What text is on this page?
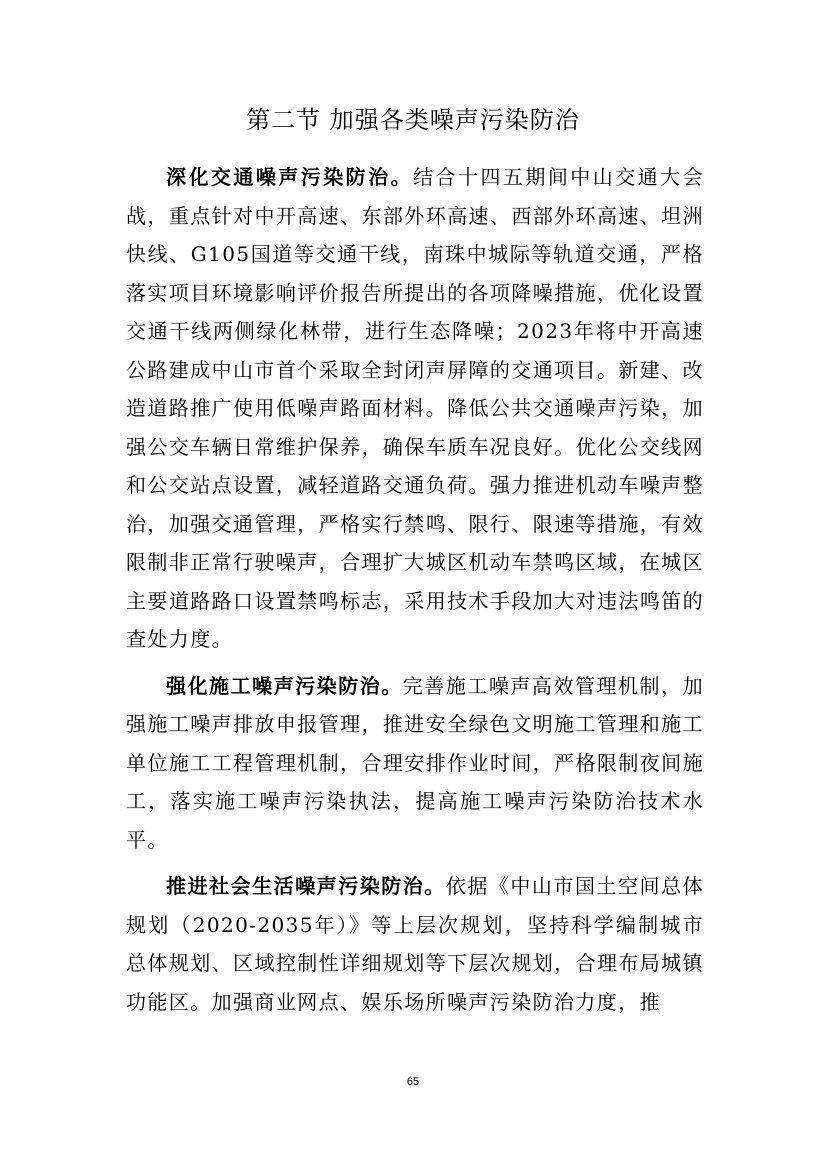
第二节 加强各类噪声污染防治

深化交通噪声污染防治。结合十四五期间中山交通大会战，重点针对中开高速、东部外环高速、西部外环高速、坦洲快线、G105国道等交通干线，南珠中城际等轨道交通，严格落实项目环境影响评价报告所提出的各项降噪措施，优化设置交通干线两侧绿化林带，进行生态降噪；2023年将中开高速公路建成中山市首个采取全封闭声屏障的交通项目。新建、改造道路推广使用低噪声路面材料。降低公共交通噪声污染，加强公交车辆日常维护保养，确保车质车况良好。优化公交线网和公交站点设置，减轻道路交通负荷。强力推进机动车噪声整治，加强交通管理，严格实行禁鸣、限行、限速等措施，有效限制非正常行驶噪声，合理扩大城区机动车禁鸣区域，在城区主要道路路口设置禁鸣标志，采用技术手段加大对违法鸣笛的查处力度。

强化施工噪声污染防治。完善施工噪声高效管理机制，加强施工噪声排放申报管理，推进安全绿色文明施工管理和施工单位施工工程管理机制，合理安排作业时间，严格限制夜间施工，落实施工噪声污染执法，提高施工噪声污染防治技术水平。

推进社会生活噪声污染防治。依据《中山市国土空间总体规划（2020-2035年）》等上层次规划，坚持科学编制城市总体规划、区域控制性详细规划等下层次规划，合理布局城镇功能区。加强商业网点、娱乐场所噪声污染防治力度，推

65
